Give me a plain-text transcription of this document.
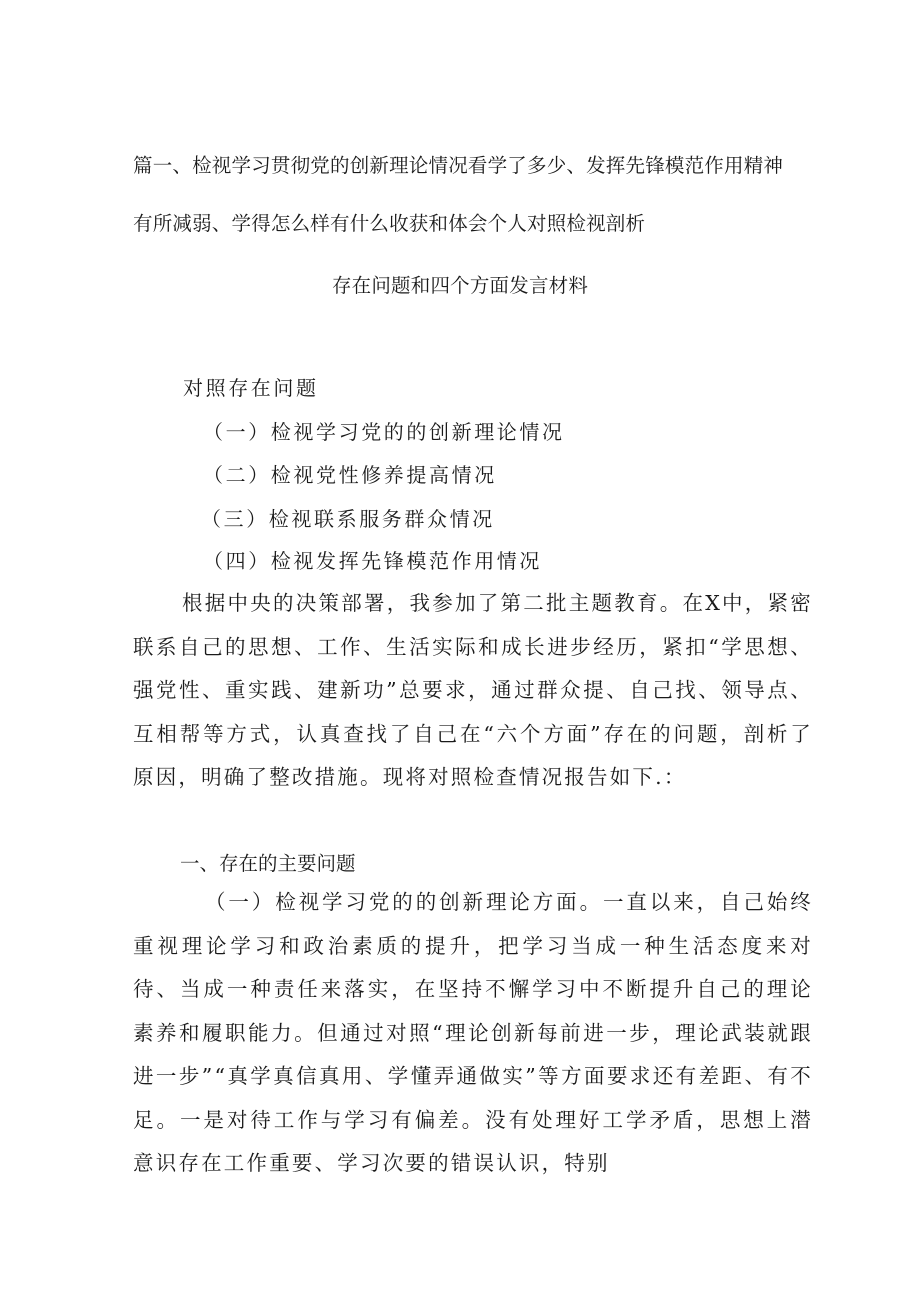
篇一、检视学习贯彻党的创新理论情况看学了多少、发挥先锋模范作用精神
有所减弱、学得怎么样有什么收获和体会个人对照检视剖析
存在问题和四个方面发言材料
对照存在问题
（一）检视学习党的的创新理论情况
（二）检视党性修养提高情况
（三）检视联系服务群众情况
（四）检视发挥先锋模范作用情况

根据中央的决策部署，我参加了第二批主题教育。在X中，紧密联系自己的思想、工作、生活实际和成长进步经历，紧扣“学思想、强党性、重实践、建新功”总要求，通过群众提、自己找、领导点、互相帮等方式，认真查找了自己在“六个方面”存在的问题，剖析了原因，明确了整改措施。现将对照检查情况报告如下.：

一、存在的主要问题

（一）检视学习党的的创新理论方面。一直以来，自己始终重视理论学习和政治素质的提升，把学习当成一种生活态度来对待、当成一种责任来落实，在坚持不懈学习中不断提升自己的理论素养和履职能力。但通过对照“理论创新每前进一步，理论武装就跟进一步”“真学真信真用、学懂弄通做实”等方面要求还有差距、有不足。一是对待工作与学习有偏差。没有处理好工学矛盾，思想上潜意识存在工作重要、学习次要的错误认识，特别
